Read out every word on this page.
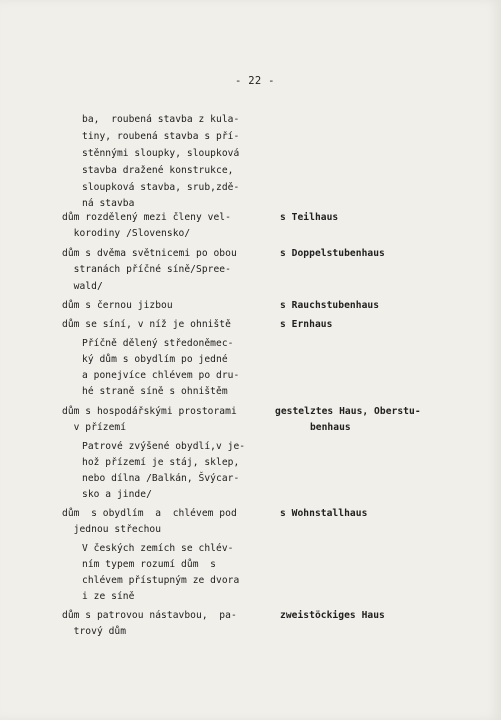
- 22 -
ba,  roubená stavba z kula-
tiny, roubená stavba s pří-
stěnnými sloupky, sloupková
stavba dražené konstrukce,
sloupková stavba, srub,zdě-
ná stavba
dům rozdělený mezi členy vel-
korodiny /Slovensko/
dům s dvěma světnicemi po obou
stranách příčné síně/Spree-
wald/
dům s černou jizbou
dům se síní, v níž je ohniště
Příčně dělený středoněmec-
ký dům s obydlím po jedné
a ponejvíce chlévem po dru-
hé straně síně s ohništěm
dům s hospodářskými prostorami
v přízemí
Patrové zvýšené obydlí,v je-
hož přízemí je stáj, sklep,
nebo dílna /Balkán, Švýcar-
sko a jinde/
dům  s obydlím  a  chlévem pod
jednou střechou
V českých zemích se chlév-
ním typem rozumí dům  s
chlévem přístupným ze dvora
i ze síně
dům s patrovou nástavbou,  pa-
trový dům
s Teilhaus
s Doppelstubenhaus
s Rauchstubenhaus
s Ernhaus
gestelztes Haus, Oberstu-
benhaus
s Wohnstallhaus
zweistöckiges Haus
